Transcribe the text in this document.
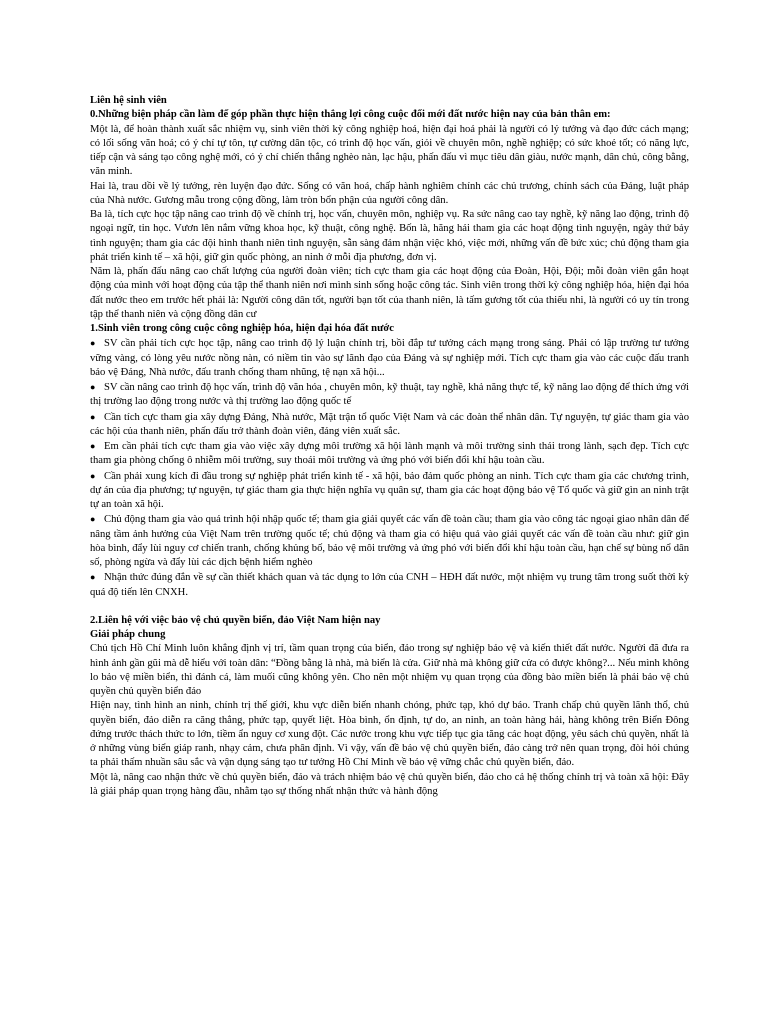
Liên hệ sinh viên

0.Những biện pháp cần làm để góp phần thực hiện thắng lợi công cuộc đổi mới đất nước hiện nay của bản thân em:

Một là, để hoàn thành xuất sắc nhiệm vụ, sinh viên thời kỳ công nghiệp hoá, hiện đại hoá phải là người có lý tưởng và đạo đức cách mạng; có lối sống văn hoá; có ý chí tự tôn, tự cường dân tộc, có trình độ học vấn, giỏi về chuyên môn, nghề nghiệp; có sức khoẻ tốt; có năng lực, tiếp cận và sáng tạo công nghệ mới, có ý chí chiến thắng nghèo nàn, lạc hậu, phấn đấu vì mục tiêu dân giàu, nước mạnh, dân chủ, công bằng, văn minh.

Hai là, trau dồi về lý tưởng, rèn luyện đạo đức. Sống có văn hoá, chấp hành nghiêm chính các chủ trương, chính sách của Đảng, luật pháp của Nhà nước. Gương mẫu trong cộng đồng, làm tròn bổn phận của người công dân.

Ba là, tích cực học tập nâng cao trình độ về chính trị, học vấn, chuyên môn, nghiệp vụ. Ra sức nâng cao tay nghề, kỹ năng lao động, trình độ ngoại ngữ, tin học. Vươn lên nắm vững khoa học, kỹ thuật, công nghệ. Bốn là, hăng hái tham gia các hoạt động tình nguyện, ngày thứ bảy tình nguyện; tham gia các đội hình thanh niên tình nguyện, sẵn sàng đảm nhận việc khó, việc mới, những vấn đề bức xúc; chủ động tham gia phát triển kinh tế – xã hội, giữ gìn quốc phòng, an ninh ở mỗi địa phương, đơn vị.

Năm là, phấn đấu nâng cao chất lượng của người đoàn viên; tích cực tham gia các hoạt động của Đoàn, Hội, Đội; mỗi đoàn viên gắn hoạt động của mình với hoạt động của tập thể thanh niên nơi mình sinh sống hoặc công tác. Sinh viên trong thời kỳ công nghiệp hóa, hiện đại hóa đất nước theo em trước hết phải là: Người công dân tốt, người bạn tốt của thanh niên, là tấm gương tốt của thiếu nhi, là người có uy tín trong tập thể thanh niên và cộng đồng dân cư

1.Sinh viên trong công cuộc công nghiệp hóa, hiện đại hóa đất nước

● SV cần phải tích cực học tập, nâng cao trình độ lý luận chính trị, bồi đắp tư tưởng cách mạng trong sáng. Phải có lập trường tư tưởng vững vàng, có lòng yêu nước nồng nàn, có niềm tin vào sự lãnh đạo của Đảng và sự nghiệp mới. Tích cực tham gia vào các cuộc đấu tranh bảo vệ Đảng, Nhà nước, đấu tranh chống tham nhũng, tệ nạn xã hội...
● SV cần nâng cao trình độ học vấn, trình độ văn hóa , chuyên môn, kỹ thuật, tay nghề, khả năng thực tế, kỹ năng lao động để thích ứng với thị trường lao động trong nước và thị trường lao động quốc tế
● Cần tích cực tham gia xây dựng Đảng, Nhà nước, Mặt trận tổ quốc Việt Nam và các đoàn thể nhân dân. Tự nguyện, tự giác tham gia vào các hội của thanh niên, phấn đấu trở thành đoàn viên, đảng viên xuất sắc.
● Em cần phải tích cực tham gia vào việc xây dựng môi trường xã hội lành mạnh và môi trường sinh thái trong lành, sạch đẹp. Tích cực tham gia phòng chống ô nhiễm môi trường, suy thoái môi trường và ứng phó với biến đổi khí hậu toàn cầu.
● Cần phải xung kích đi đầu trong sự nghiệp phát triển kinh tế - xã hội, bảo đảm quốc phòng an ninh. Tích cực tham gia các chương trình, dự án của địa phương; tự nguyện, tự giác tham gia thực hiện nghĩa vụ quân sự, tham gia các hoạt động bảo vệ Tổ quốc và giữ gìn an ninh trật tự an toàn xã hội.
● Chủ động tham gia vào quá trình hội nhập quốc tế; tham gia giải quyết các vấn đề toàn cầu; tham gia vào công tác ngoại giao nhân dân để nâng tầm ảnh hưởng của Việt Nam trên trường quốc tế; chủ động và tham gia có hiệu quả vào giải quyết các vấn đề toàn cầu như: giữ gìn hòa bình, đẩy lùi nguy cơ chiến tranh, chống khủng bố, bảo vệ môi trường và ứng phó với biến đổi khí hậu toàn cầu, hạn chế sự bùng nổ dân số, phòng ngừa và đẩy lùi các dịch bệnh hiểm nghèo
● Nhận thức đúng đắn về sự cần thiết khách quan và tác dụng to lớn của CNH – HĐH đất nước, một nhiệm vụ trung tâm trong suốt thời kỳ quá độ tiến lên CNXH.

2.Liên hệ với việc bảo vệ chủ quyền biển, đảo Việt Nam hiện nay

Giải pháp chung

Chủ tịch Hồ Chí Minh luôn khẳng định vị trí, tầm quan trọng của biển, đảo trong sự nghiệp bảo vệ và kiến thiết đất nước. Người đã đưa ra hình ảnh gần gũi mà dễ hiểu với toàn dân: “Đồng bằng là nhà, mà biển là cửa. Giữ nhà mà không giữ cửa có được không?... Nếu mình không lo bảo vệ miền biển, thì đánh cá, làm muối cũng không yên. Cho nên một nhiệm vụ quan trọng của đồng bào miền biển là phải bảo vệ chủ quyền chủ quyền biển đảo

Hiện nay, tình hình an ninh, chính trị thế giới, khu vực diễn biến nhanh chóng, phức tạp, khó dự báo. Tranh chấp chủ quyền lãnh thổ, chủ quyền biển, đảo diễn ra căng thẳng, phức tạp, quyết liệt. Hòa bình, ổn định, tự do, an ninh, an toàn hàng hải, hàng không trên Biển Đông đứng trước thách thức to lớn, tiềm ẩn nguy cơ xung đột. Các nước trong khu vực tiếp tục gia tăng các hoạt động, yêu sách chủ quyền, nhất là ở những vùng biển giáp ranh, nhạy cảm, chưa phân định. Vì vậy, vấn đề bảo vệ chủ quyền biển, đảo càng trở nên quan trọng, đòi hỏi chúng ta phải thấm nhuần sâu sắc và vận dụng sáng tạo tư tưởng Hồ Chí Minh về bảo vệ vững chắc chủ quyền biển, đảo.

Một là, nâng cao nhận thức về chủ quyền biển, đảo và trách nhiệm bảo vệ chủ quyền biển, đảo cho cả hệ thống chính trị và toàn xã hội: Đây là giải pháp quan trọng hàng đầu, nhằm tạo sự thống nhất nhận thức và hành động
